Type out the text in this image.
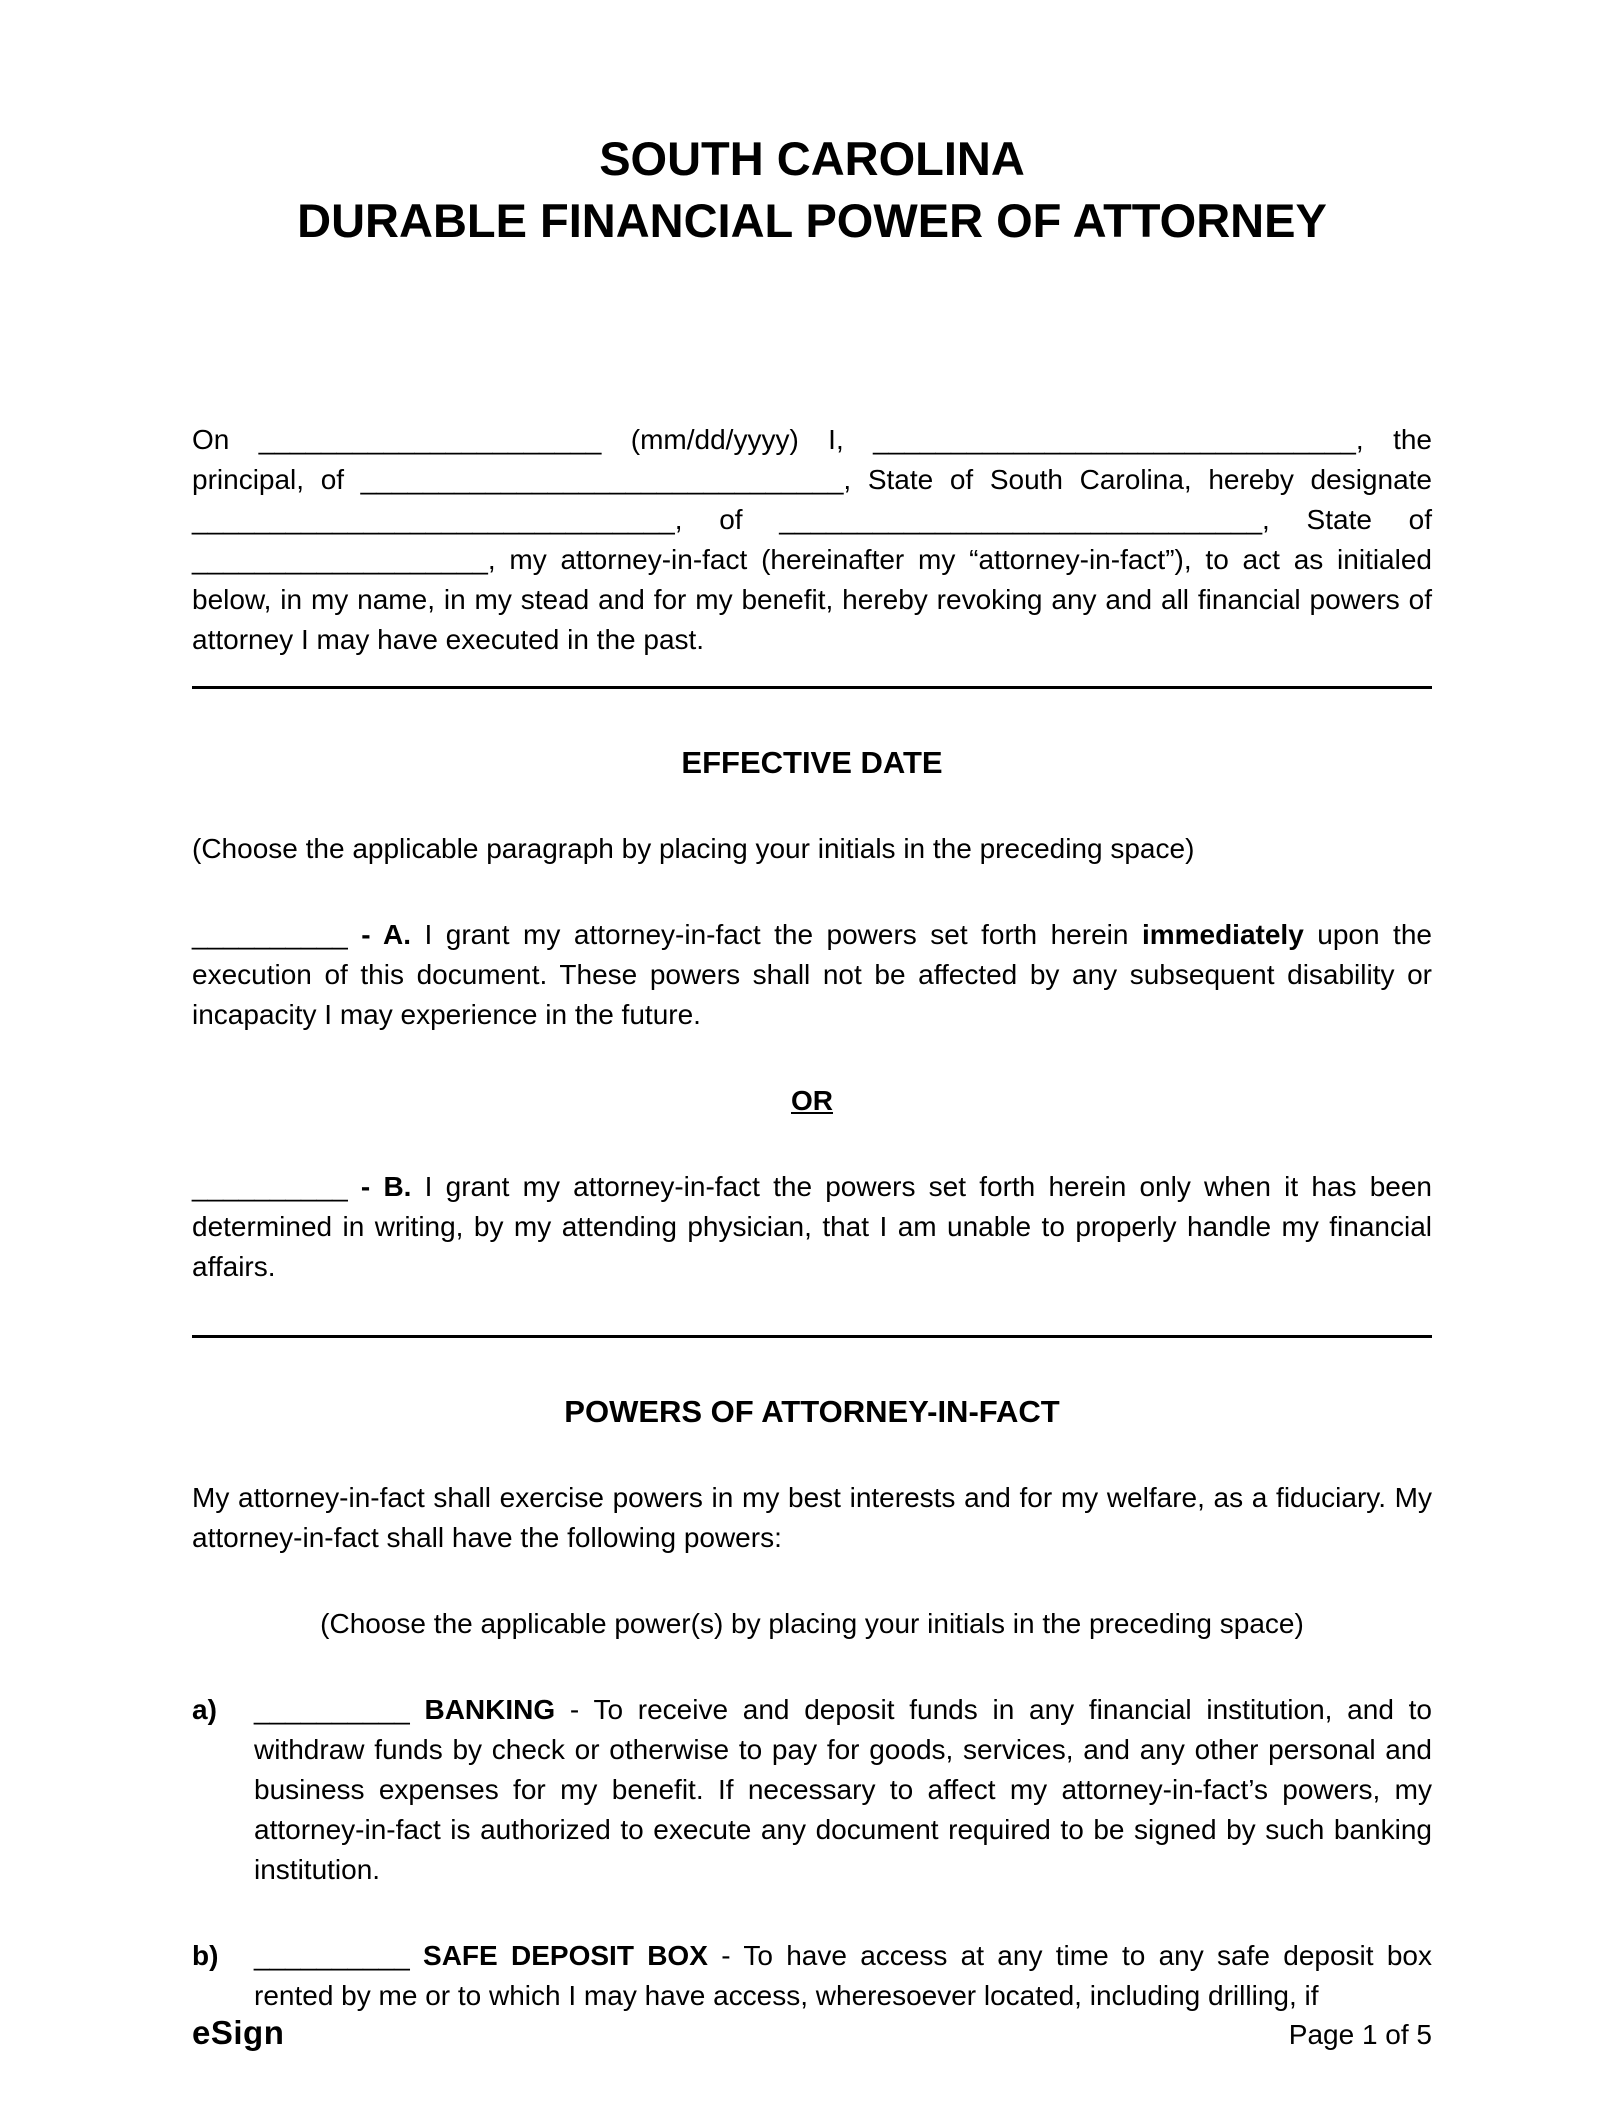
SOUTH CAROLINA
DURABLE FINANCIAL POWER OF ATTORNEY

On ______________________ (mm/dd/yyyy) I, _______________________________, the principal, of _______________________________, State of South Carolina, hereby designate _______________________________, of _______________________________, State of ___________________, my attorney-in-fact (hereinafter my “attorney-in-fact”), to act as initialed below, in my name, in my stead and for my benefit, hereby revoking any and all financial powers of attorney I may have executed in the past.

EFFECTIVE DATE

(Choose the applicable paragraph by placing your initials in the preceding space)

__________ - A. I grant my attorney-in-fact the powers set forth herein immediately upon the execution of this document. These powers shall not be affected by any subsequent disability or incapacity I may experience in the future.

OR

__________ - B. I grant my attorney-in-fact the powers set forth herein only when it has been determined in writing, by my attending physician, that I am unable to properly handle my financial affairs.

POWERS OF ATTORNEY-IN-FACT

My attorney-in-fact shall exercise powers in my best interests and for my welfare, as a fiduciary. My attorney-in-fact shall have the following powers:

(Choose the applicable power(s) by placing your initials in the preceding space)

a)	__________ BANKING - To receive and deposit funds in any financial institution, and to withdraw funds by check or otherwise to pay for goods, services, and any other personal and business expenses for my benefit. If necessary to affect my attorney-in-fact’s powers, my attorney-in-fact is authorized to execute any document required to be signed by such banking institution.
b)	__________ SAFE DEPOSIT BOX - To have access at any time to any safe deposit box rented by me or to which I may have access, wheresoever located, including drilling, if
eSign	Page 1 of 5
